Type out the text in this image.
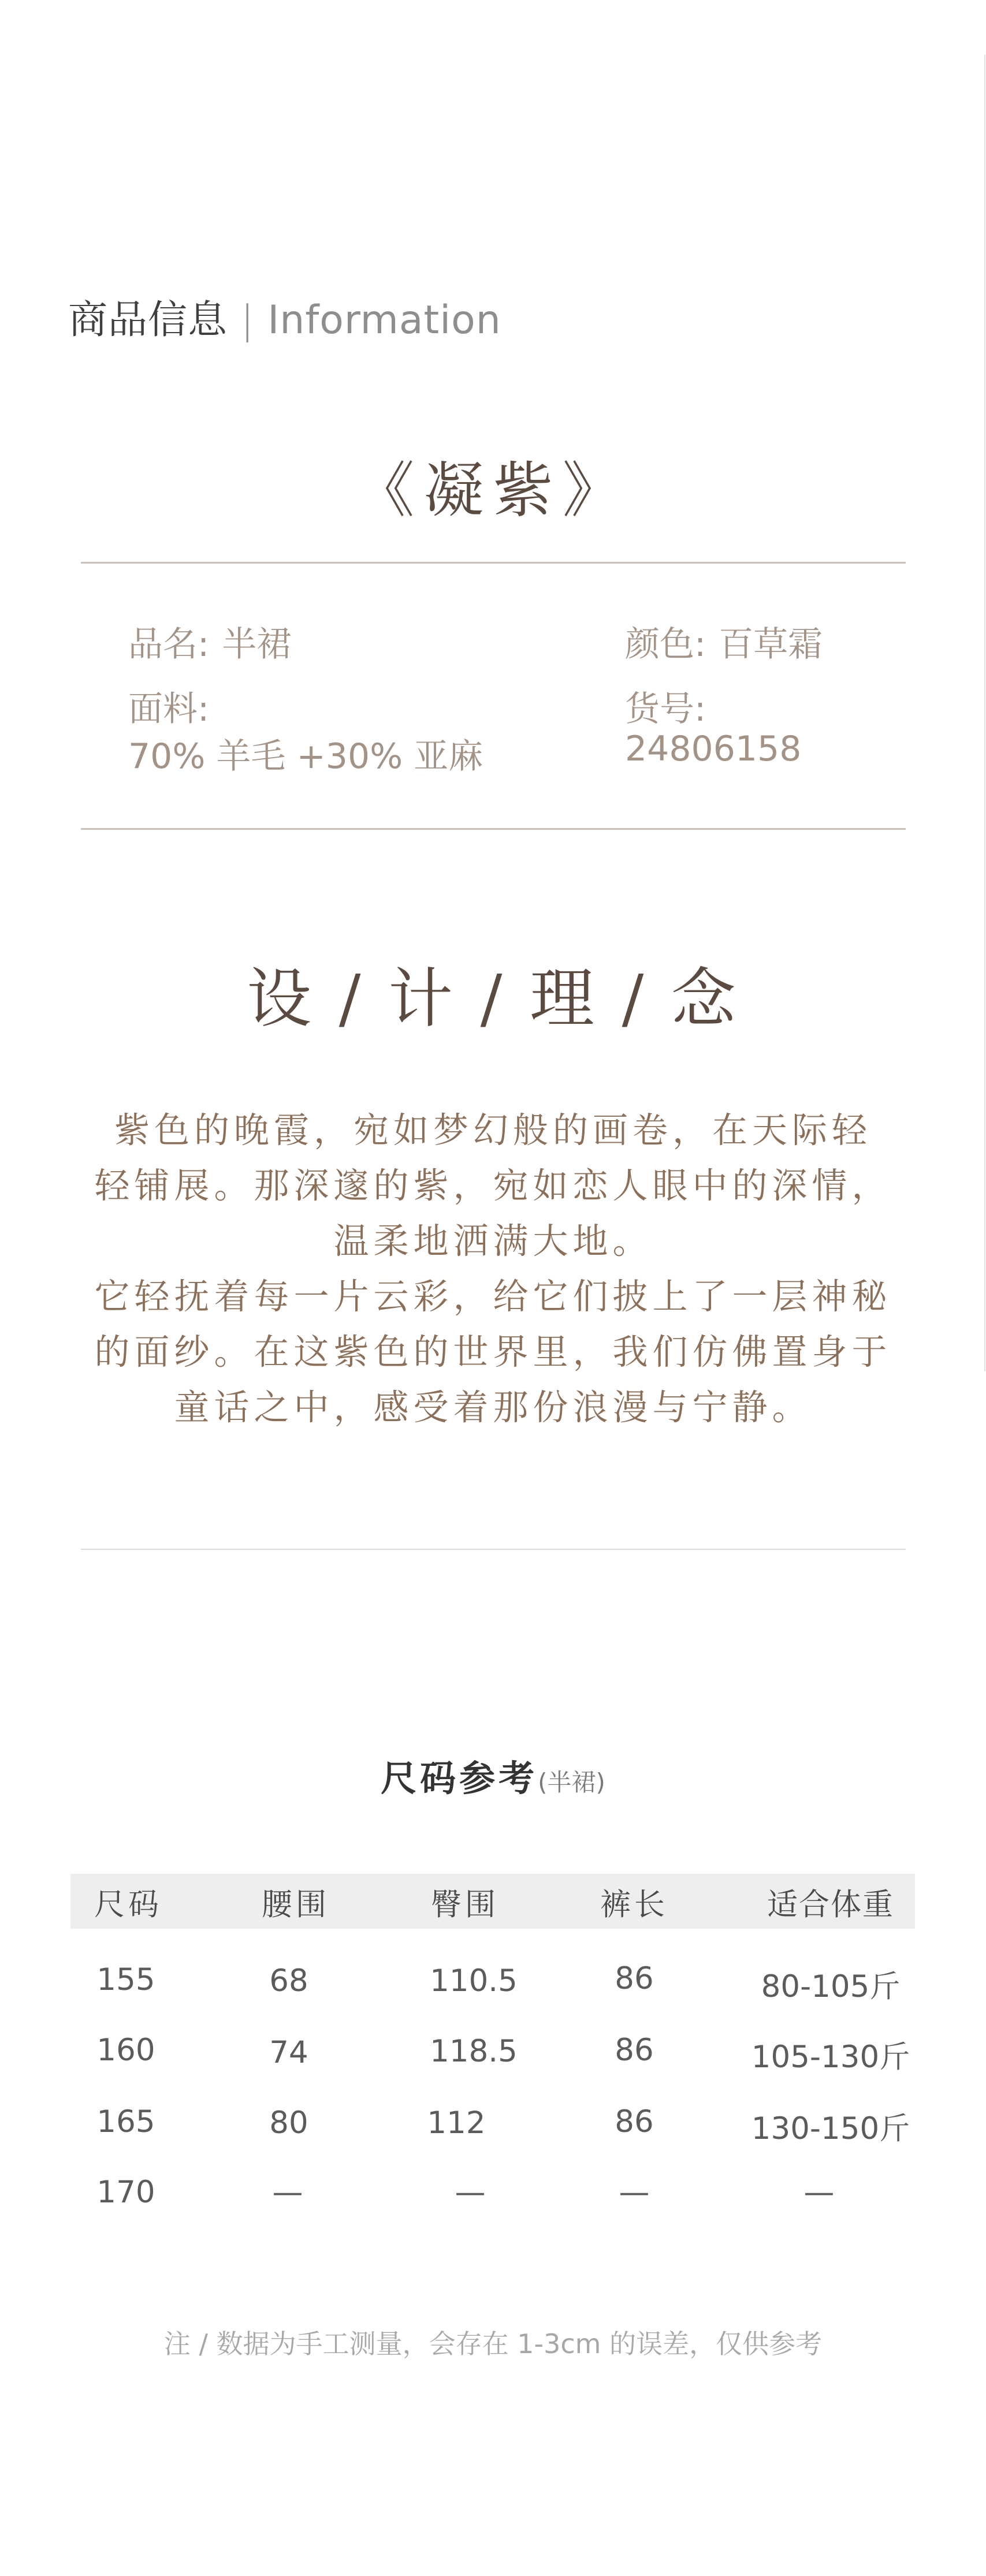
商品信息 | Information
《凝紫》
品名: 半裙	颜色: 百草霜
面料:
70% 羊毛 +30% 亚麻
货号:
24806158
设 / 计 / 理 / 念
紫色的晚霞，宛如梦幻般的画卷，在天际轻
轻铺展。那深邃的紫，宛如恋人眼中的深情，
温柔地洒满大地。
它轻抚着每一片云彩，给它们披上了一层神秘
的面纱。在这紫色的世界里，我们仿佛置身于
童话之中，感受着那份浪漫与宁静。
尺码参考(半裙)
尺码	腰围	臀围	裤长	适合体重
155	68	110.5	86	80-105斤
160	74	118.5	86	105-130斤
165	80	112	86	130-150斤
170	—	—	—	—
注 / 数据为手工测量，会存在 1-3cm 的误差，仅供参考
